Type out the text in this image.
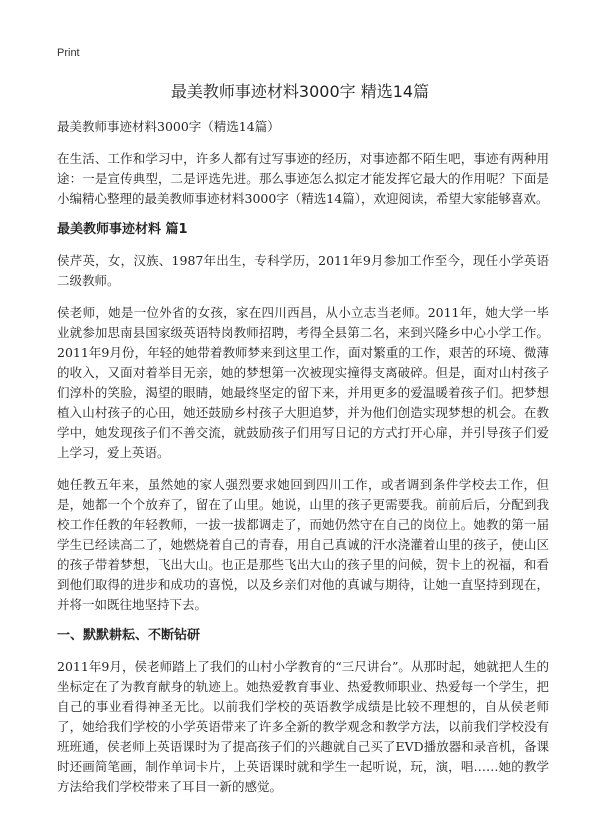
Print
最美教师事迹材料3000字 精选14篇
最美教师事迹材料3000字（精选14篇）

在生活、工作和学习中，许多人都有过写事迹的经历，对事迹都不陌生吧，事迹有两种用途：一是宣传典型，二是评选先进。那么事迹怎么拟定才能发挥它最大的作用呢？下面是小编精心整理的最美教师事迹材料3000字（精选14篇），欢迎阅读，希望大家能够喜欢。

最美教师事迹材料 篇1

侯芹英，女，汉族、1987年出生，专科学历，2011年9月参加工作至今，现任小学英语二级教师。

侯老师，她是一位外省的女孩，家在四川西昌，从小立志当老师。2011年，她大学一毕业就参加思南县国家级英语特岗教师招聘，考得全县第二名，来到兴隆乡中心小学工作。2011年9月份，年轻的她带着教师梦来到这里工作，面对繁重的工作，艰苦的环境、微薄的收入，又面对着举目无亲，她的梦想第一次被现实撞得支离破碎。但是，面对山村孩子们淳朴的笑脸，渴望的眼睛，她最终坚定的留下来，并用更多的爱温暖着孩子们。把梦想植入山村孩子的心田，她还鼓励乡村孩子大胆追梦，并为他们创造实现梦想的机会。在教学中，她发现孩子们不善交流，就鼓励孩子们用写日记的方式打开心扉，并引导孩子们爱上学习，爱上英语。

她任教五年来，虽然她的家人强烈要求她回到四川工作，或者调到条件学校去工作，但是，她都一个个放弃了，留在了山里。她说，山里的孩子更需要我。前前后后，分配到我校工作任教的年轻教师，一拔一拔都调走了，而她仍然守在自己的岗位上。她教的第一届学生已经读高二了，她燃烧着自己的青春，用自己真诚的汗水浇灌着山里的孩子，使山区的孩子带着梦想，飞出大山。也正是那些飞出大山的孩子里的问候，贺卡上的祝福，和看到他们取得的进步和成功的喜悦，以及乡亲们对他的真诚与期待，让她一直坚持到现在，并将一如既往地坚持下去。

一、默默耕耘、不断钻研

2011年9月，侯老师踏上了我们的山村小学教育的“三尺讲台”。从那时起，她就把人生的坐标定在了为教育献身的轨迹上。她热爱教育事业、热爱教师职业、热爱每一个学生，把自己的事业看得神圣无比。以前我们学校的英语教学成绩是比较不理想的，自从侯老师了，她给我们学校的小学英语带来了许多全新的教学观念和教学方法，以前我们学校没有班班通，侯老师上英语课时为了提高孩子们的兴趣就自己买了EVD播放器和录音机，备课时还画简笔画，制作单词卡片，上英语课时就和学生一起听说，玩，演，唱……她的教学方法给我们学校带来了耳目一新的感觉。
